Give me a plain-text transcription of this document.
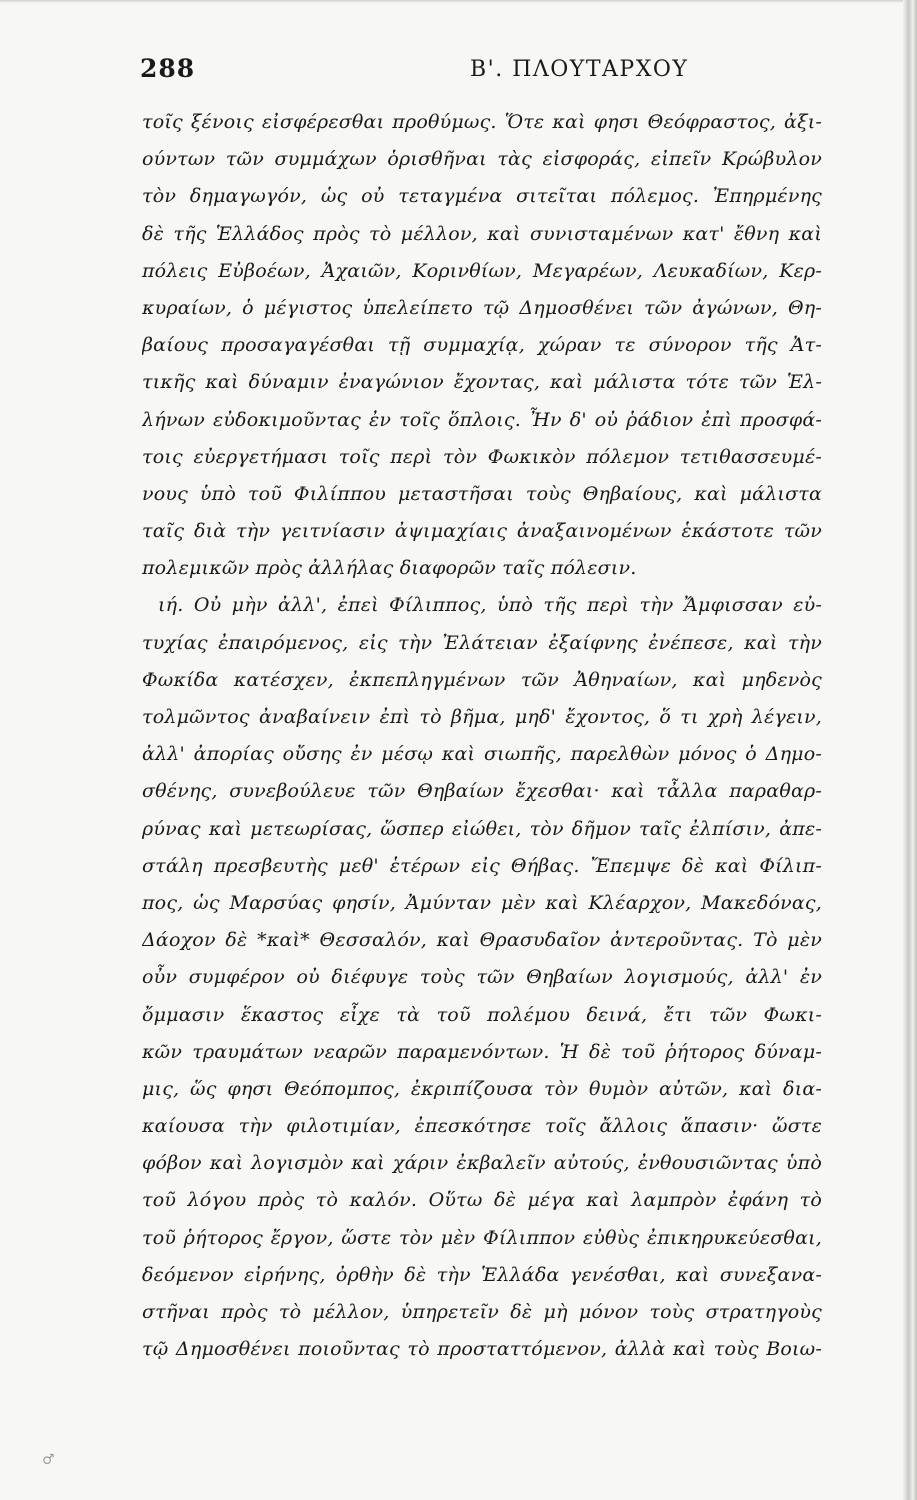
288	Β'. ΠΛΟΥΤΑΡΧΟΥ
τοῖς ξένοις εἰσφέρεσθαι προθύμως. Ὅτε καὶ φησι Θεόφραστος, ἀξι-
ούντων τῶν συμμάχων ὁρισθῆναι τὰς εἰσφοράς, εἰπεῖν Κρώβυλον
τὸν δημαγωγόν, ὡς οὐ τεταγμένα σιτεῖται πόλεμος. Ἐπηρμένης
δὲ τῆς Ἑλλάδος πρὸς τὸ μέλλον, καὶ συνισταμένων κατ' ἔθνη καὶ
πόλεις Εὐβοέων, Ἀχαιῶν, Κορινθίων, Μεγαρέων, Λευκαδίων, Κερ-
κυραίων, ὁ μέγιστος ὑπελείπετο τῷ Δημοσθένει τῶν ἀγώνων, Θη-
βαίους προσαγαγέσθαι τῇ συμμαχίᾳ, χώραν τε σύνορον τῆς Ἀτ-
τικῆς καὶ δύναμιν ἐναγώνιον ἔχοντας, καὶ μάλιστα τότε τῶν Ἑλ-
λήνων εὐδοκιμοῦντας ἐν τοῖς ὅπλοις. Ἦν δ' οὐ ῥάδιον ἐπὶ προσφά-
τοις εὐεργετήμασι τοῖς περὶ τὸν Φωκικὸν πόλεμον τετιθασσευμέ-
νους ὑπὸ τοῦ Φιλίππου μεταστῆσαι τοὺς Θηβαίους, καὶ μάλιστα
ταῖς διὰ τὴν γειτνίασιν ἀψιμαχίαις ἀναξαινομένων ἑκάστοτε τῶν
πολεμικῶν πρὸς ἀλλήλας διαφορῶν ταῖς πόλεσιν.
ιή. Οὐ μὴν ἀλλ', ἐπεὶ Φίλιππος, ὑπὸ τῆς περὶ τὴν Ἄμφισσαν εὐ-
τυχίας ἐπαιρόμενος, εἰς τὴν Ἐλάτειαν ἐξαίφνης ἐνέπεσε, καὶ τὴν
Φωκίδα κατέσχεν, ἐκπεπληγμένων τῶν Ἀθηναίων, καὶ μηδενὸς
τολμῶντος ἀναβαίνειν ἐπὶ τὸ βῆμα, μηδ' ἔχοντος, ὅ τι χρὴ λέγειν,
ἀλλ' ἀπορίας οὔσης ἐν μέσῳ καὶ σιωπῆς, παρελθὼν μόνος ὁ Δημο-
σθένης, συνεβούλευε τῶν Θηβαίων ἔχεσθαι· καὶ τἆλλα παραθαρ-
ρύνας καὶ μετεωρίσας, ὥσπερ εἰώθει, τὸν δῆμον ταῖς ἐλπίσιν, ἀπε-
στάλη πρεσβευτὴς μεθ' ἑτέρων εἰς Θήβας. Ἔπεμψε δὲ καὶ Φίλιπ-
πος, ὡς Μαρσύας φησίν, Ἀμύνταν μὲν καὶ Κλέαρχον, Μακεδόνας,
Δάοχον δὲ *καὶ* Θεσσαλόν, καὶ Θρασυδαῖον ἀντεροῦντας. Τὸ μὲν
οὖν συμφέρον οὐ διέφυγε τοὺς τῶν Θηβαίων λογισμούς, ἀλλ' ἐν
ὄμμασιν ἕκαστος εἶχε τὰ τοῦ πολέμου δεινά, ἔτι τῶν Φωκι-
κῶν τραυμάτων νεαρῶν παραμενόντων. Ἡ δὲ τοῦ ῥήτορος δύναμ-
μις, ὥς φησι Θεόπομπος, ἐκριπίζουσα τὸν θυμὸν αὐτῶν, καὶ δια-
καίουσα τὴν φιλοτιμίαν, ἐπεσκότησε τοῖς ἄλλοις ἅπασιν· ὥστε
φόβον καὶ λογισμὸν καὶ χάριν ἐκβαλεῖν αὐτούς, ἐνθουσιῶντας ὑπὸ
τοῦ λόγου πρὸς τὸ καλόν. Οὕτω δὲ μέγα καὶ λαμπρὸν ἐφάνη τὸ
τοῦ ῥήτορος ἔργον, ὥστε τὸν μὲν Φίλιππον εὐθὺς ἐπικηρυκεύεσθαι,
δεόμενον εἰρήνης, ὀρθὴν δὲ τὴν Ἑλλάδα γενέσθαι, καὶ συνεξανα-
στῆναι πρὸς τὸ μέλλον, ὑπηρετεῖν δὲ μὴ μόνον τοὺς στρατηγοὺς
τῷ Δημοσθένει ποιοῦντας τὸ προσταττόμενον, ἀλλὰ καὶ τοὺς Βοιω-
♂
